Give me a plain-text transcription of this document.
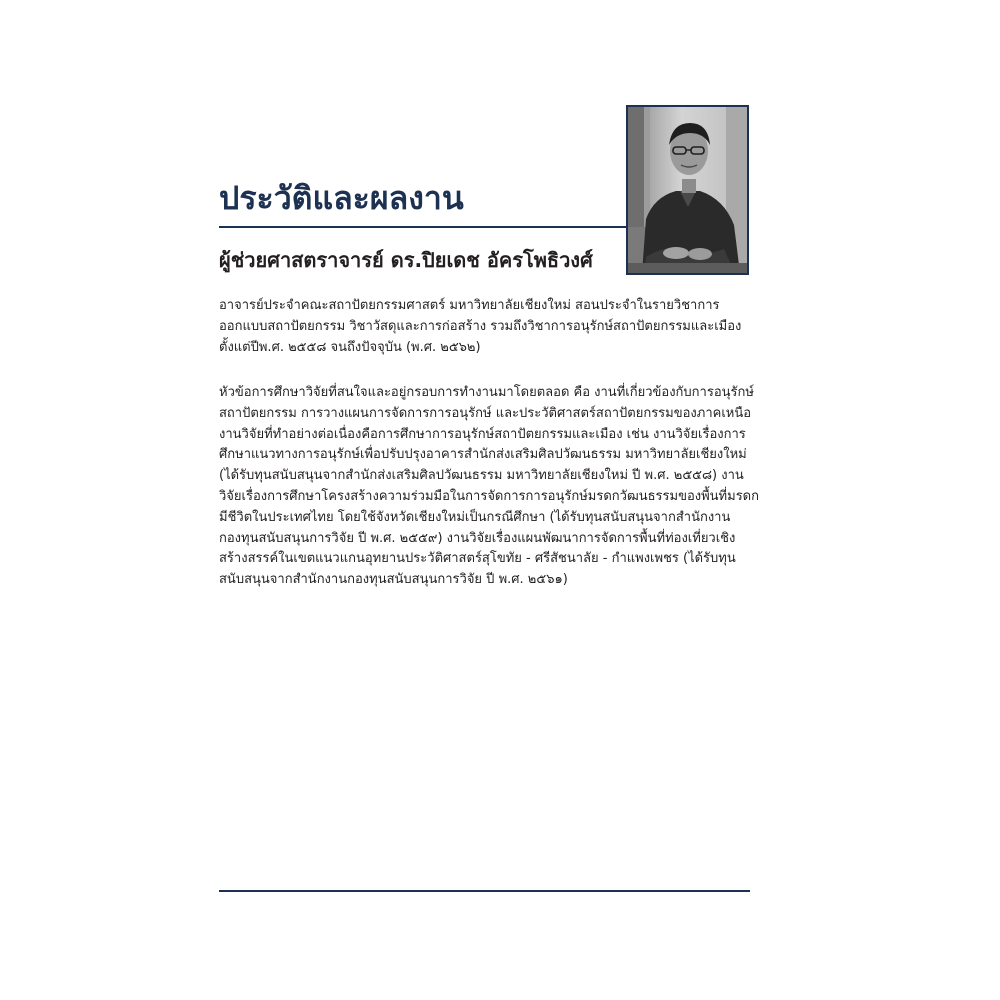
ประวัติและผลงาน
ผู้ช่วยศาสตราจารย์ ดร.ปิยเดช อัครโพธิวงศ์

อาจารย์ประจำคณะสถาปัตยกรรมศาสตร์ มหาวิทยาลัยเชียงใหม่ สอนประจำในรายวิชาการออกแบบสถาปัตยกรรม วิชาวัสดุและการก่อสร้าง รวมถึงวิชาการอนุรักษ์สถาปัตยกรรมและเมือง ตั้งแต่ปีพ.ศ. ๒๕๕๘ จนถึงปัจจุบัน (พ.ศ. ๒๕๖๒)

หัวข้อการศึกษาวิจัยที่สนใจและอยู่กรอบการทำงานมาโดยตลอด คือ งานที่เกี่ยวข้องกับการอนุรักษ์สถาปัตยกรรม การวางแผนการจัดการการอนุรักษ์ และประวัติศาสตร์สถาปัตยกรรมของภาคเหนือ งานวิจัยที่ทำอย่างต่อเนื่องคือการศึกษาการอนุรักษ์สถาปัตยกรรมและเมือง เช่น งานวิจัยเรื่องการศึกษาแนวทางการอนุรักษ์เพื่อปรับปรุงอาคารสำนักส่งเสริมศิลปวัฒนธรรม มหาวิทยาลัยเชียงใหม่ (ได้รับทุนสนับสนุนจากสำนักส่งเสริมศิลปวัฒนธรรม มหาวิทยาลัยเชียงใหม่ ปี พ.ศ. ๒๕๕๘) งานวิจัยเรื่องการศึกษาโครงสร้างความร่วมมือในการจัดการการอนุรักษ์มรดกวัฒนธรรมของพื้นที่มรดกมีชีวิตในประเทศไทย โดยใช้จังหวัดเชียงใหม่เป็นกรณีศึกษา (ได้รับทุนสนับสนุนจากสำนักงานกองทุนสนับสนุนการวิจัย ปี พ.ศ. ๒๕๕๙) งานวิจัยเรื่องแผนพัฒนาการจัดการพื้นที่ท่องเที่ยวเชิงสร้างสรรค์ในเขตแนวแกนอุทยานประวัติศาสตร์สุโขทัย - ศรีสัชนาลัย - กำแพงเพชร (ได้รับทุนสนับสนุนจากสำนักงานกองทุนสนับสนุนการวิจัย ปี พ.ศ. ๒๕๖๑)
